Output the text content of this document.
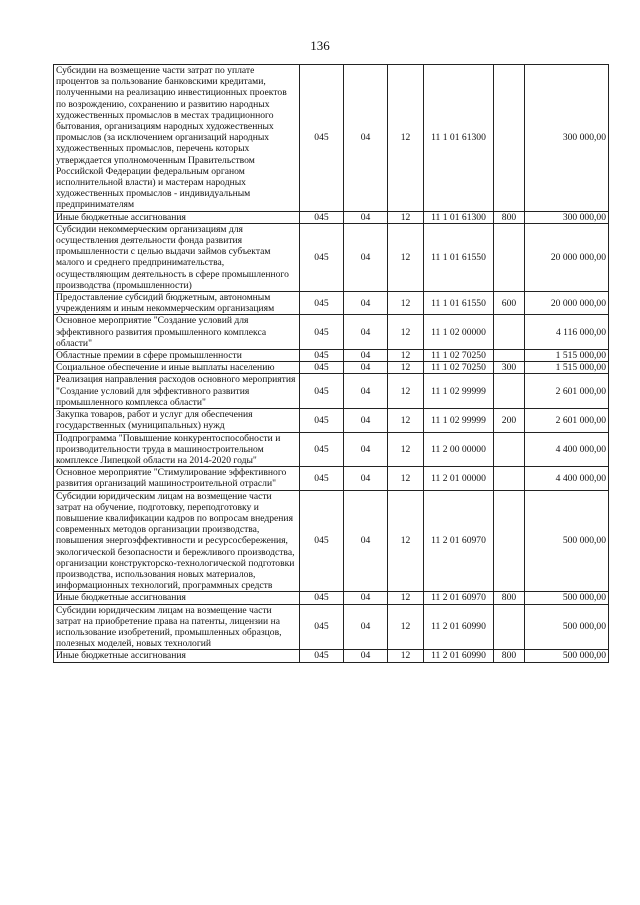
136
Субсидии на возмещение части затрат по уплате процентов за пользование банковскими кредитами, полученными на реализацию инвестиционных проектов по возрождению, сохранению и развитию народных художественных промыслов в местах традиционного бытования, организациям народных художественных промыслов (за исключением организаций народных художественных промыслов, перечень которых утверждается уполномоченным Правительством Российской Федерации федеральным органом исполнительной власти) и мастерам народных художественных промыслов - индивидуальным предпринимателям	045	04	12	11 1 01 61300		300 000,00
Иные бюджетные ассигнования	045	04	12	11 1 01 61300	800	300 000,00
Субсидии некоммерческим организациям для осуществления деятельности фонда развития промышленности с целью выдачи займов субъектам малого и среднего предпринимательства, осуществляющим деятельность в сфере промышленного производства (промышленности)	045	04	12	11 1 01 61550		20 000 000,00
Предоставление субсидий бюджетным, автономным учреждениям и иным некоммерческим организациям	045	04	12	11 1 01 61550	600	20 000 000,00
Основное мероприятие "Создание условий для эффективного развития промышленного комплекса области"	045	04	12	11 1 02 00000		4 116 000,00
Областные премии в сфере промышленности	045	04	12	11 1 02 70250		1 515 000,00
Социальное обеспечение и иные выплаты населению	045	04	12	11 1 02 70250	300	1 515 000,00
Реализация направления расходов основного мероприятия "Создание условий для эффективного развития промышленного комплекса области"	045	04	12	11 1 02 99999		2 601 000,00
Закупка товаров, работ и услуг для обеспечения государственных (муниципальных) нужд	045	04	12	11 1 02 99999	200	2 601 000,00
Подпрограмма "Повышение конкурентоспособности и производительности труда в машиностроительном комплексе Липецкой области на 2014-2020 годы"	045	04	12	11 2 00 00000		4 400 000,00
Основное мероприятие "Стимулирование эффективного развития организаций машиностроительной отрасли"	045	04	12	11 2 01 00000		4 400 000,00
Субсидии юридическим лицам на возмещение части затрат на обучение, подготовку, переподготовку и повышение квалификации кадров по вопросам внедрения современных методов организации производства, повышения энергоэффективности и ресурсосбережения, экологической безопасности и бережливого производства, организации конструкторско-технологической подготовки производства, использования новых материалов, информационных технологий, программных средств	045	04	12	11 2 01 60970		500 000,00
Иные бюджетные ассигнования	045	04	12	11 2 01 60970	800	500 000,00
Субсидии юридическим лицам на возмещение части затрат на приобретение права на патенты, лицензии на использование изобретений, промышленных образцов, полезных моделей, новых технологий	045	04	12	11 2 01 60990		500 000,00
Иные бюджетные ассигнования	045	04	12	11 2 01 60990	800	500 000,00
